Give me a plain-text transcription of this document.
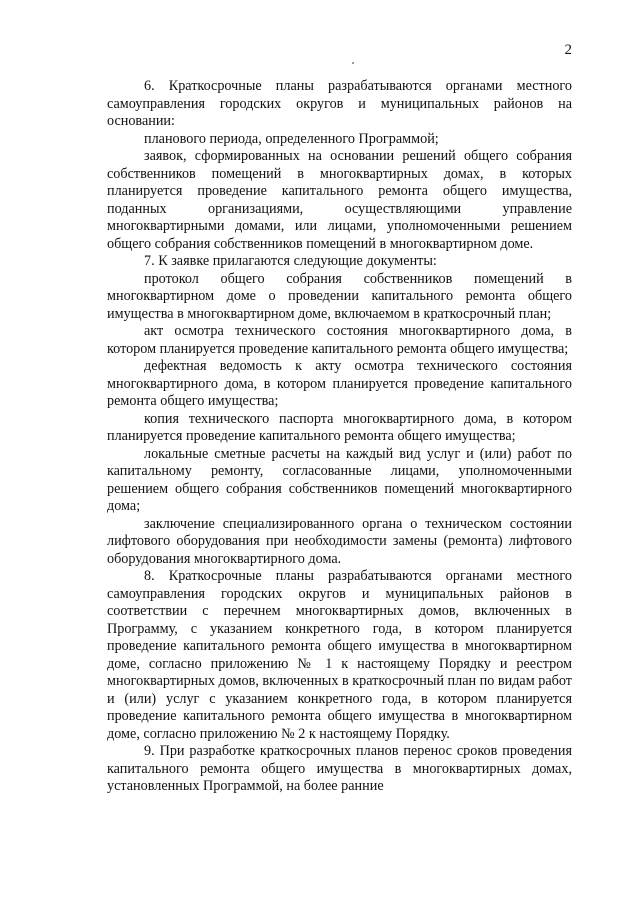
2

6. Краткосрочные планы разрабатываются органами местного самоуправления городских округов и муниципальных районов на основании:

планового периода, определенного Программой;

заявок, сформированных на основании решений общего собрания собственников помещений в многоквартирных домах, в которых планируется проведение капитального ремонта общего имущества, поданных организациями, осуществляющими управление многоквартирными домами, или лицами, уполномоченными решением общего собрания собственников помещений в многоквартирном доме.

7. К заявке прилагаются следующие документы:

протокол общего собрания собственников помещений в многоквартирном доме о проведении капитального ремонта общего имущества в многоквартирном доме, включаемом в краткосрочный план;

акт осмотра технического состояния многоквартирного дома, в котором планируется проведение капитального ремонта общего имущества;

дефектная ведомость к акту осмотра технического состояния многоквартирного дома, в котором планируется проведение капитального ремонта общего имущества;

копия технического паспорта многоквартирного дома, в котором планируется проведение капитального ремонта общего имущества;

локальные сметные расчеты на каждый вид услуг и (или) работ по капитальному ремонту, согласованные лицами, уполномоченными решением общего собрания собственников помещений многоквартирного дома;

заключение специализированного органа о техническом состоянии лифтового оборудования при необходимости замены (ремонта) лифтового оборудования многоквартирного дома.

8. Краткосрочные планы разрабатываются органами местного самоуправления городских округов и муниципальных районов в соответствии с перечнем многоквартирных домов, включенных в Программу, с указанием конкретного года, в котором планируется проведение капитального ремонта общего имущества в многоквартирном доме, согласно приложению № 1 к настоящему Порядку и реестром многоквартирных домов, включенных в краткосрочный план по видам работ и (или) услуг с указанием конкретного года, в котором планируется проведение капитального ремонта общего имущества в многоквартирном доме, согласно приложению № 2 к настоящему Порядку.

9. При разработке краткосрочных планов перенос сроков проведения капитального ремонта общего имущества в многоквартирных домах, установленных Программой, на более ранние
